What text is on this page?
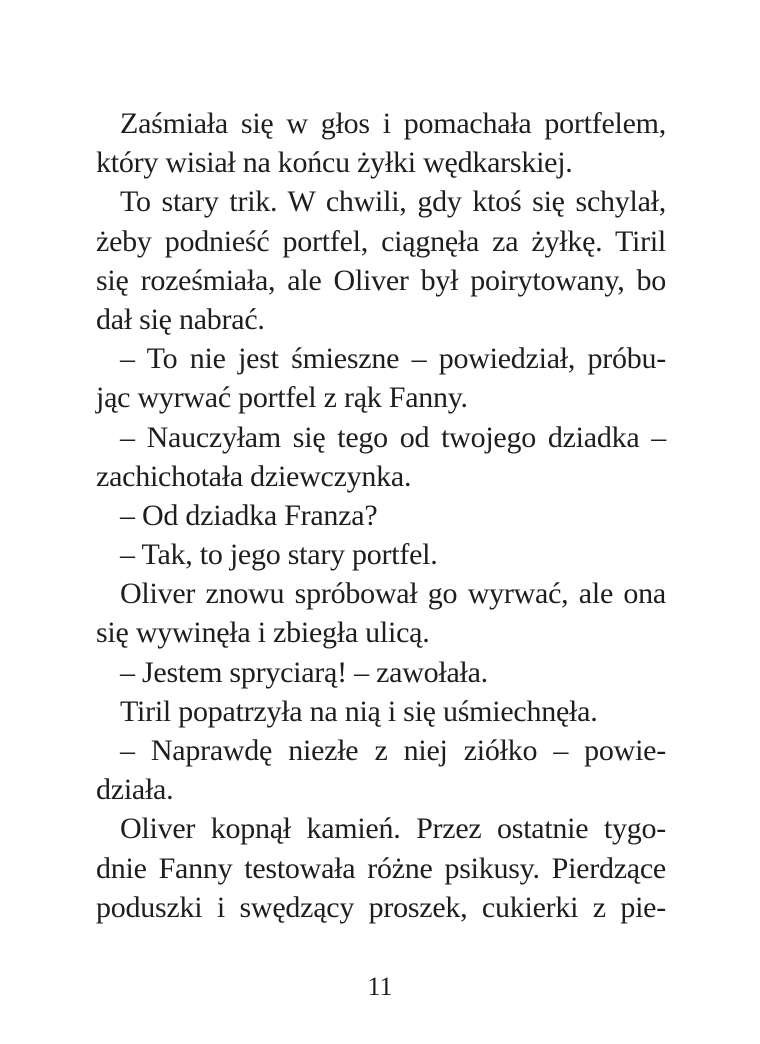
Zaśmiała się w głos i pomachała portfelem,
który wisiał na końcu żyłki wędkarskiej.
To stary trik. W chwili, gdy ktoś się schylał,
żeby podnieść portfel, ciągnęła za żyłkę. Tiril
się roześmiała, ale Oliver był poirytowany, bo
dał się nabrać.
– To nie jest śmieszne – powiedział, próbu-
jąc wyrwać portfel z rąk Fanny.
– Nauczyłam się tego od twojego dziadka –
zachichotała dziewczynka.
– Od dziadka Franza?
– Tak, to jego stary portfel.
Oliver znowu spróbował go wyrwać, ale ona
się wywinęła i zbiegła ulicą.
– Jestem spryciarą! – zawołała.
Tiril popatrzyła na nią i się uśmiechnęła.
– Naprawdę niezłe z niej ziółko – powie-
działa.
Oliver kopnął kamień. Przez ostatnie tygo-
dnie Fanny testowała różne psikusy. Pierdzące
poduszki i swędzący proszek, cukierki z pie-
11
